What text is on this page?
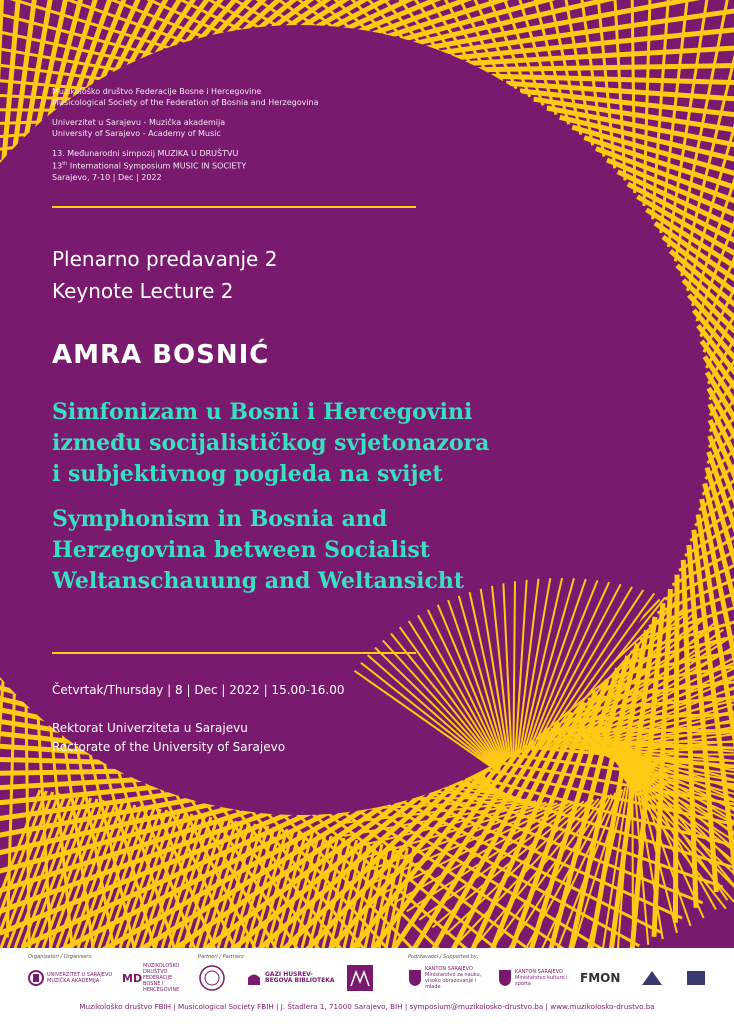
Muzikološko društvo Federacije Bosne i Hercegovine
Musicological Society of the Federation of Bosnia and Herzegovina
Univerzitet u Sarajevu - Muzička akademija
University of Sarajevo - Academy of Music
13. Međunarodni simpozij MUZIKA U DRUŠTVU
13th International Symposium MUSIC IN SOCIETY
Sarajevo, 7-10 | Dec | 2022
Plenarno predavanje 2
Keynote Lecture 2
AMRA BOSNIĆ
Simfonizam u Bosni i Hercegovini
između socijalističkog svjetonazora
i subjektivnog pogleda na svijet
Symphonism in Bosnia and
Herzegovina between Socialist
Weltanschauung and Weltansicht
Četvrtak/Thursday | 8 | Dec | 2022 | 15.00-16.00
Rektorat Univerziteta u Sarajevu
Rectorate of the University of Sarajevo
Organizatori / Organisers:	Partneri / Partners:	Podržavaoci / Supported by:
UNIVERZITET U SARAJEVU MUZIČKA AKADEMIJA	MD
MUZIKOLOŠKO DRUŠTVO FEDERACIJE BOSNE I HERCEGOVINE
GAZI HUSREV-BEGOVA BIBLIOTEKA
KANTON SARAJEVO Ministarstvo za nauku, visoko obrazovanje i mlade
KANTON SARAJEVO Ministarstvo kulture i sporta	FMON
Muzikološko društvo FBIH | Musicological Society FBIH | J. Štadlera 1, 71000 Sarajevo, BIH | symposium@muzikolosko-drustvo.ba | www.muzikolosko-drustvo.ba
